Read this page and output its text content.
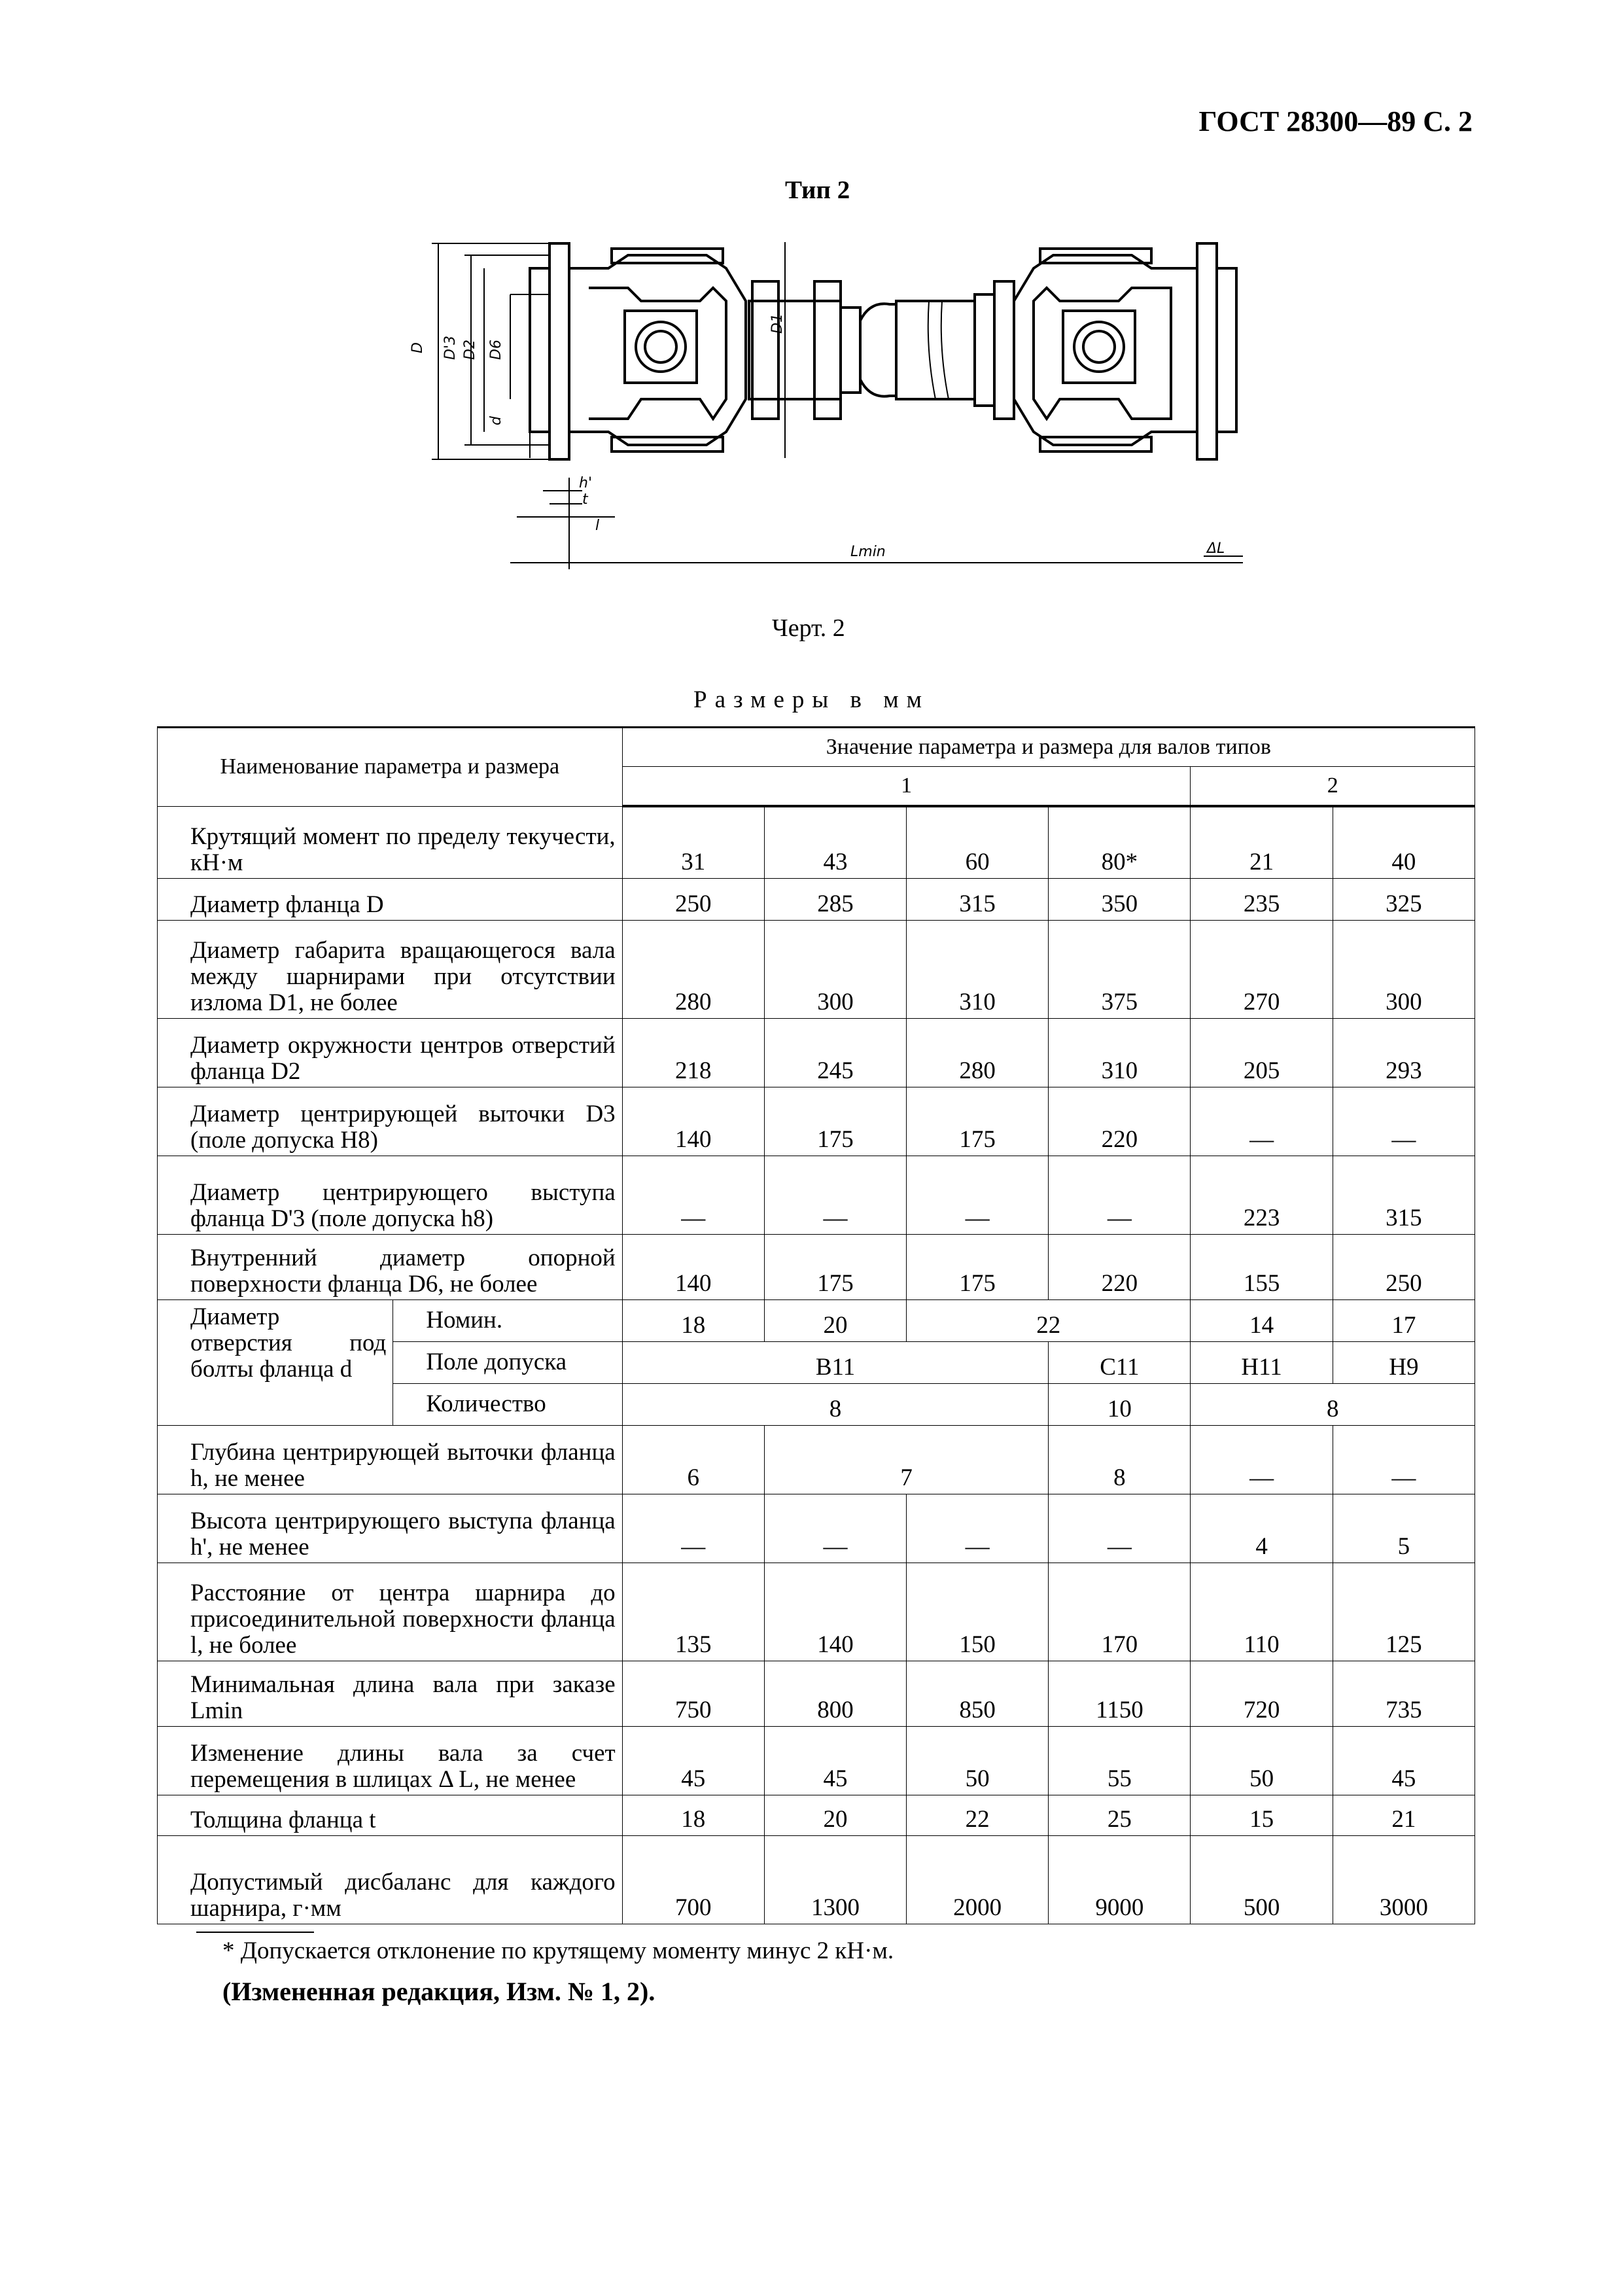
ГОСТ 28300—89 С. 2
Тип 2
D D'3 D2 D6
d
D1
h'
t
l
Lmin	ΔL
Черт. 2
Размеры в мм
Наименование параметра и размера		Значение параметра и размера для валов типов					
		1				2	
Крутящий момент по пределу текучести, кН·м		31	43	60	80*	21	40
Диаметр фланца D		250	285	315	350	235	325
Диаметр габарита вращающегося вала между шарнирами при отсутствии излома D1, не более		280	300	310	375	270	300
Диаметр окружности центров отверстий фланца D2		218	245	280	310	205	293
Диаметр центрирующей выточки D3 (поле допуска H8)		140	175	175	220	—	—
Диаметр центрирующего выступа фланца D'3 (поле допуска h8)		—	—	—	—	223	315
Внутренний диаметр опорной поверхности фланца D6, не более		140	175	175	220	155	250
Диаметр отверстия под болты фланца d	Номин.	18	20	22		14	17
	Поле допуска	B11			C11	H11	H9
	Количество	8			10	8	
Глубина центрирующей выточки фланца h, не менее		6	7		8	—	—
Высота центрирующего выступа фланца h', не менее		—	—	—	—	4	5
Расстояние от центра шарнира до присоединительной поверхности фланца l, не более		135	140	150	170	110	125
Минимальная длина вала при заказе Lmin		750	800	850	1150	720	735
Изменение длины вала за счет перемещения в шлицах Δ L, не менее		45	45	50	55	50	45
Толщина фланца t		18	20	22	25	15	21
Допустимый дисбаланс для каждого шарнира, г·мм		700	1300	2000	9000	500	3000
* Допускается отклонение по крутящему моменту минус 2 кН·м.
(Измененная редакция, Изм. № 1, 2).
